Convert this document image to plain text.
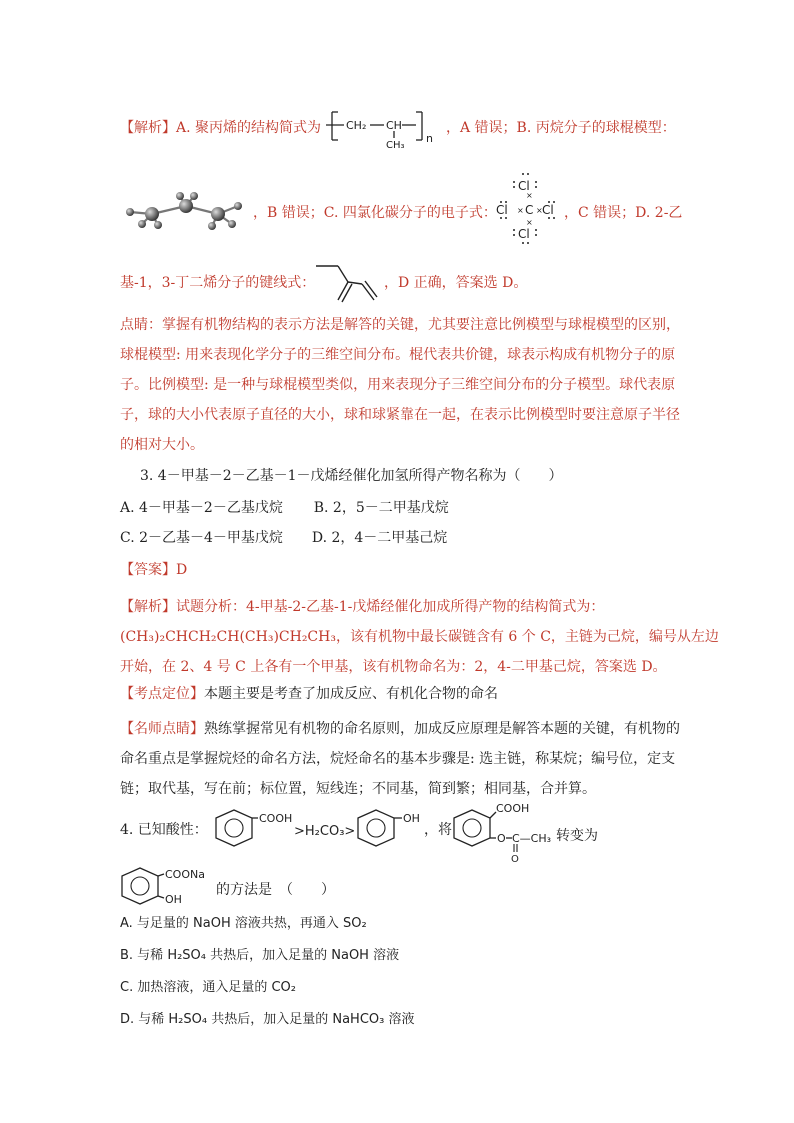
【解析】A. 聚丙烯的结构简式为 CH₂ CH
CH₃
n
，A 错误；B. 丙烷分子的球棍模型：
，B 错误；C. 四氯化碳分子的电子式：
Cl
Cl C Cl
Cl
×
×
× × ，C 错误；D. 2-乙
基-1，3-丁二烯分子的键线式：	，D 正确，答案选 D。
点睛：掌握有机物结构的表示方法是解答的关键，尤其要注意比例模型与球棍模型的区别，
球棍模型: 用来表现化学分子的三维空间分布。棍代表共价键，球表示构成有机物分子的原
子。比例模型: 是一种与球棍模型类似，用来表现分子三维空间分布的分子模型。球代表原
子，球的大小代表原子直径的大小，球和球紧靠在一起，在表示比例模型时要注意原子半径
的相对大小。
3. 4－甲基－2－乙基－1－戊烯经催化加氢所得产物名称为（　　）
A. 4－甲基－2－乙基戊烷 B. 2，5－二甲基戊烷
C. 2－乙基－4－甲基戊烷 D. 2，4－二甲基己烷
【答案】D
【解析】试题分析：4-甲基-2-乙基-1-戊烯经催化加成所得产物的结构简式为：
(CH₃)₂CHCH₂CH(CH₃)CH₂CH₃，该有机物中最长碳链含有 6 个 C，主链为己烷，编号从左边
开始，在 2、4 号 C 上各有一个甲基，该有机物命名为：2，4-二甲基己烷，答案选 D。
【考点定位】本题主要是考查了加成反应、有机化合物的命名
【名师点睛】熟练掌握常见有机物的命名原则，加成反应原理是解答本题的关键，有机物的
命名重点是掌握烷烃的命名方法，烷烃命名的基本步骤是: 选主链，称某烷；编号位，定支
链；取代基，写在前；标位置，短线连；不同基，简到繁；相同基，合并算。
4. 已知酸性：
COOH
>H₂CO₃>
OH
，将
COOH
O C—CH₃
O
转变为
COONa
OH
的方法是　（　　）
A. 与足量的 NaOH 溶液共热，再通入 SO₂
B. 与稀 H₂SO₄ 共热后，加入足量的 NaOH 溶液
C. 加热溶液，通入足量的 CO₂
D. 与稀 H₂SO₄ 共热后，加入足量的 NaHCO₃ 溶液
